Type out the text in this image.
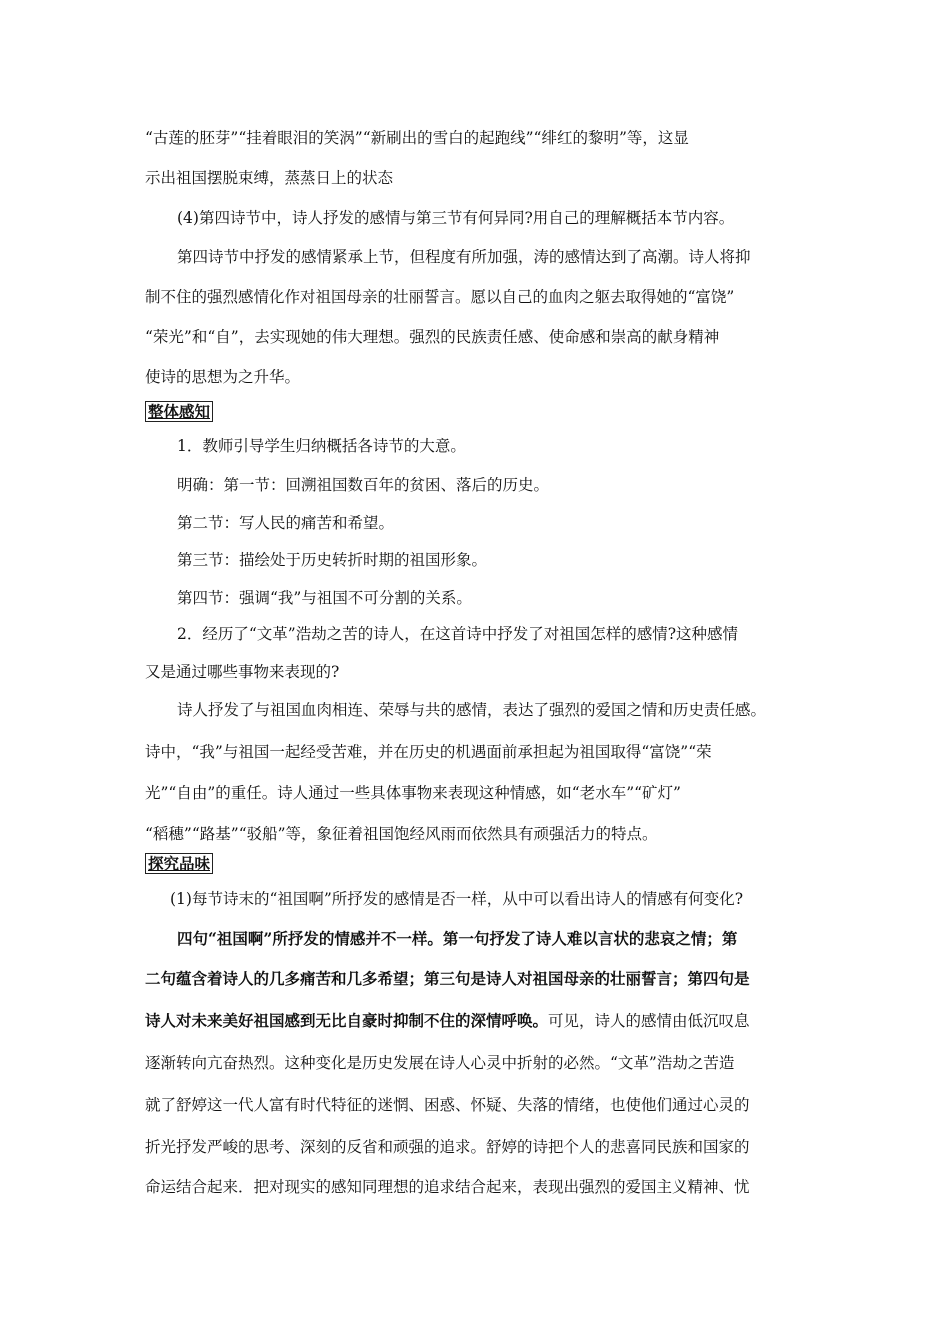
“古莲的胚芽”“挂着眼泪的笑涡”“新刷出的雪白的起跑线”“绯红的黎明”等，这显
示出祖国摆脱束缚，蒸蒸日上的状态
(4)第四诗节中，诗人抒发的感情与第三节有何异同?用自己的理解概括本节内容。
第四诗节中抒发的感情紧承上节，但程度有所加强，涛的感情达到了高潮。诗人将抑
制不住的强烈感情化作对祖国母亲的壮丽誓言。愿以自己的血肉之躯去取得她的“富饶”
“荣光”和“自”，去实现她的伟大理想。强烈的民族责任感、使命感和崇高的献身精神
使诗的思想为之升华。
整体感知
1．教师引导学生归纳概括各诗节的大意。
明确：第一节：回溯祖国数百年的贫困、落后的历史。
第二节：写人民的痛苦和希望。
第三节：描绘处于历史转折时期的祖国形象。
第四节：强调“我”与祖国不可分割的关系。
2．经历了“文革”浩劫之苦的诗人，在这首诗中抒发了对祖国怎样的感情?这种感情
又是通过哪些事物来表现的?
诗人抒发了与祖国血肉相连、荣辱与共的感情，表达了强烈的爱国之情和历史责任感。
诗中，“我”与祖国一起经受苦难，并在历史的机遇面前承担起为祖国取得“富饶”“荣
光”“自由”的重任。诗人通过一些具体事物来表现这种情感，如“老水车”“矿灯”
“稻穗”“路基”“驳船”等，象征着祖国饱经风雨而依然具有顽强活力的特点。
探究品味
(1)每节诗末的“祖国啊”所抒发的感情是否一样，从中可以看出诗人的情感有何变化?
四句“祖国啊”所抒发的情感并不一样。第一句抒发了诗人难以言状的悲哀之情；第
二句蕴含着诗人的几多痛苦和几多希望；第三句是诗人对祖国母亲的壮丽誓言；第四句是
诗人对未来美好祖国感到无比自豪时抑制不住的深情呼唤。可见，诗人的感情由低沉叹息
逐渐转向亢奋热烈。这种变化是历史发展在诗人心灵中折射的必然。“文革”浩劫之苦造
就了舒婷这一代人富有时代特征的迷惘、困惑、怀疑、失落的情绪，也使他们通过心灵的
折光抒发严峻的思考、深刻的反省和顽强的追求。舒婷的诗把个人的悲喜同民族和国家的
命运结合起来．把对现实的感知同理想的追求结合起来，表现出强烈的爱国主义精神、忧
